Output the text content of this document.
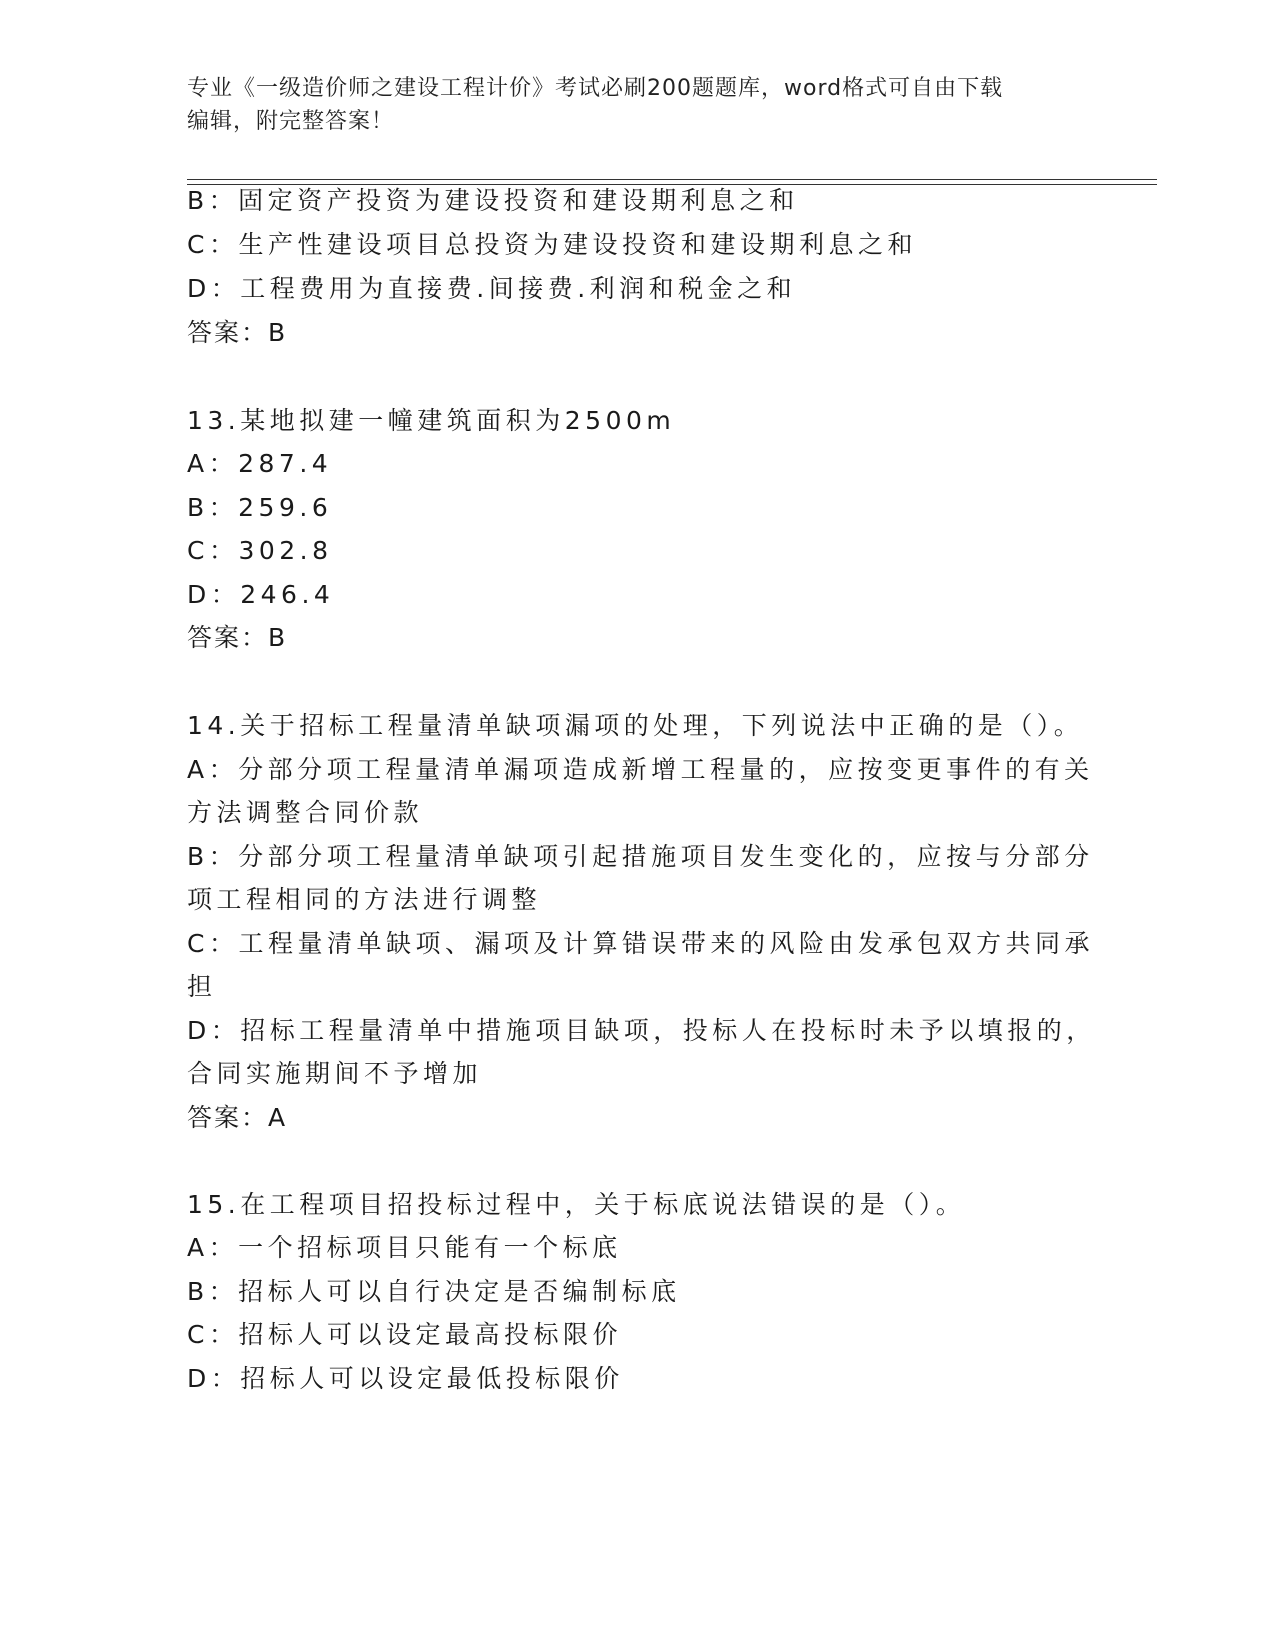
专业《一级造价师之建设工程计价》考试必刷200题题库，word格式可自由下载
编辑，附完整答案！
B：固定资产投资为建设投资和建设期利息之和
C：生产性建设项目总投资为建设投资和建设期利息之和
D：工程费用为直接费.间接费.利润和税金之和
答案：B
13.某地拟建一幢建筑面积为2500m
A：287.4
B：259.6
C：302.8
D：246.4
答案：B
14.关于招标工程量清单缺项漏项的处理，下列说法中正确的是（）。
A：分部分项工程量清单漏项造成新增工程量的，应按变更事件的有关
方法调整合同价款
B：分部分项工程量清单缺项引起措施项目发生变化的，应按与分部分
项工程相同的方法进行调整
C：工程量清单缺项、漏项及计算错误带来的风险由发承包双方共同承
担
D：招标工程量清单中措施项目缺项，投标人在投标时未予以填报的，
合同实施期间不予增加
答案：A
15.在工程项目招投标过程中，关于标底说法错误的是（）。
A：一个招标项目只能有一个标底
B：招标人可以自行决定是否编制标底
C：招标人可以设定最高投标限价
D：招标人可以设定最低投标限价
